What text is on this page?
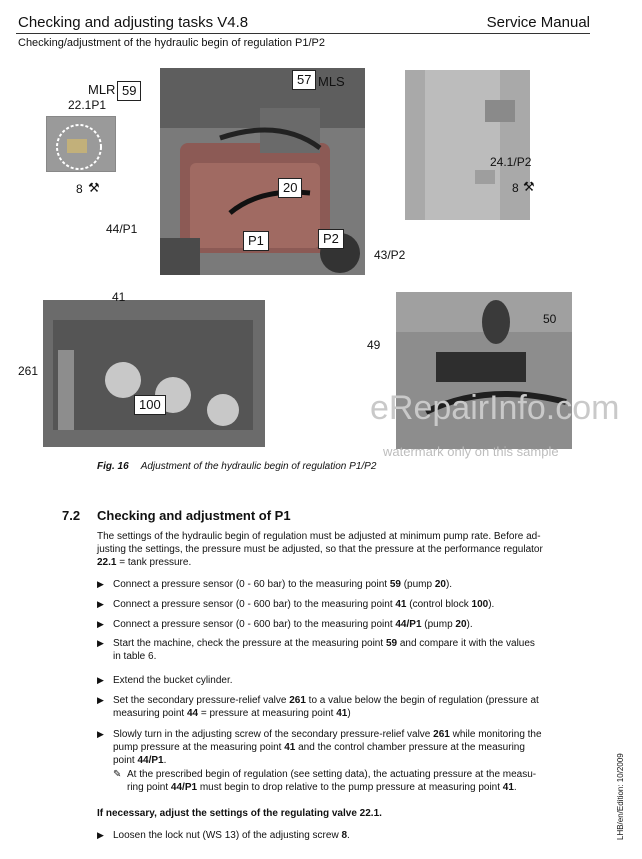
Checking and adjusting tasks V4.8	Service Manual
Checking/adjustment of the hydraulic begin of regulation P1/P2
59
57
20
P1	P2
MLR
MLS
22.1P1
44/P1
43/P2
8 ⚒
24.1/P2
8 ⚒
41
261
100
49
50
Fig. 16 Adjustment of the hydraulic begin of regulation P1/P2
eRepairInfo.com
watermark only on this sample
7.2 Checking and adjustment of P1
The settings of the hydraulic begin of regulation must be adjusted at minimum pump rate. Before ad-
justing the settings, the pressure must be adjusted, so that the pressure at the performance regulator
22.1 = tank pressure.
▶ Connect a pressure sensor (0 - 60 bar) to the measuring point 59 (pump 20).
▶ Connect a pressure sensor (0 - 600 bar) to the measuring point 41 (control block 100).
▶ Connect a pressure sensor (0 - 600 bar) to the measuring point 44/P1 (pump 20).
▶ Start the machine, check the pressure at the measuring point 59 and compare it with the values
in table 6.
▶ Extend the bucket cylinder.
▶ Set the secondary pressure-relief valve 261 to a value below the begin of regulation (pressure at
measuring point 44 = pressure at measuring point 41)
▶ Slowly turn in the adjusting screw of the secondary pressure-relief valve 261 while monitoring the
pump pressure at the measuring point 41 and the control chamber pressure at the measuring
point 44/P1.
✎ At the prescribed begin of regulation (see setting data), the actuating pressure at the measu-
ring point 44/P1 must begin to drop relative to the pump pressure at measuring point 41.
If necessary, adjust the settings of the regulating valve 22.1.
▶ Loosen the lock nut (WS 13) of the adjusting screw 8.	LHB/en/Edition: 10/2009
